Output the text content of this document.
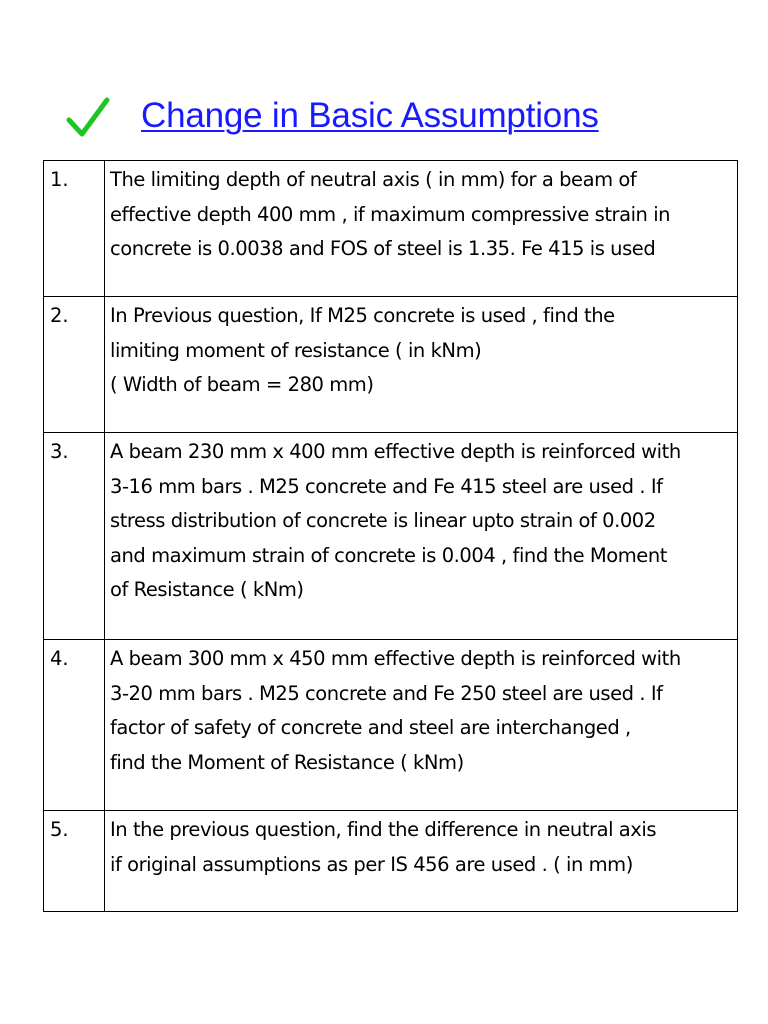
Change in Basic Assumptions
1.	The limiting depth of neutral axis ( in mm) for a beam of
effective depth 400 mm , if maximum compressive strain in
concrete is 0.0038 and FOS of steel is 1.35. Fe 415 is used

2.	In Previous question, If M25 concrete is used , find the
limiting moment of resistance ( in kNm)
( Width of beam = 280 mm)

3.	A beam 230 mm x 400 mm effective depth is reinforced with
3-16 mm bars . M25 concrete and Fe 415 steel are used . If
stress distribution of concrete is linear upto strain of 0.002
and maximum strain of concrete is 0.004 , find the Moment
of Resistance ( kNm)

4.	A beam 300 mm x 450 mm effective depth is reinforced with
3-20 mm bars . M25 concrete and Fe 250 steel are used . If
factor of safety of concrete and steel are interchanged ,
find the Moment of Resistance ( kNm)

5.	In the previous question, find the difference in neutral axis
if original assumptions as per IS 456 are used . ( in mm)
